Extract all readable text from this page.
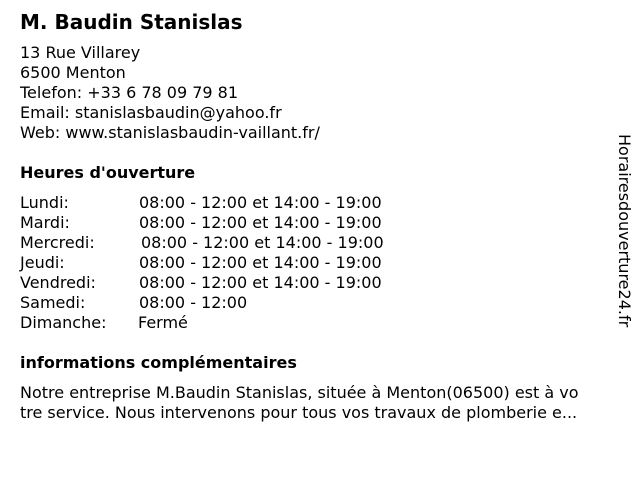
M. Baudin Stanislas
13 Rue Villarey
6500 Menton
Telefon: +33 6 78 09 79 81
Email: stanislasbaudin@yahoo.fr
Web: www.stanislasbaudin-vaillant.fr/
Heures d'ouverture
Lundi:	08:00 - 12:00 et 14:00 - 19:00
Mardi:	08:00 - 12:00 et 14:00 - 19:00
Mercredi:	08:00 - 12:00 et 14:00 - 19:00
Jeudi:	08:00 - 12:00 et 14:00 - 19:00
Vendredi:	08:00 - 12:00 et 14:00 - 19:00
Samedi:	08:00 - 12:00
Dimanche: Fermé
informations complémentaires
Notre entreprise M.Baudin Stanislas, située à Menton(06500) est à vo
tre service. Nous intervenons pour tous vos travaux de plomberie e...
Horairesdouverture24.fr
